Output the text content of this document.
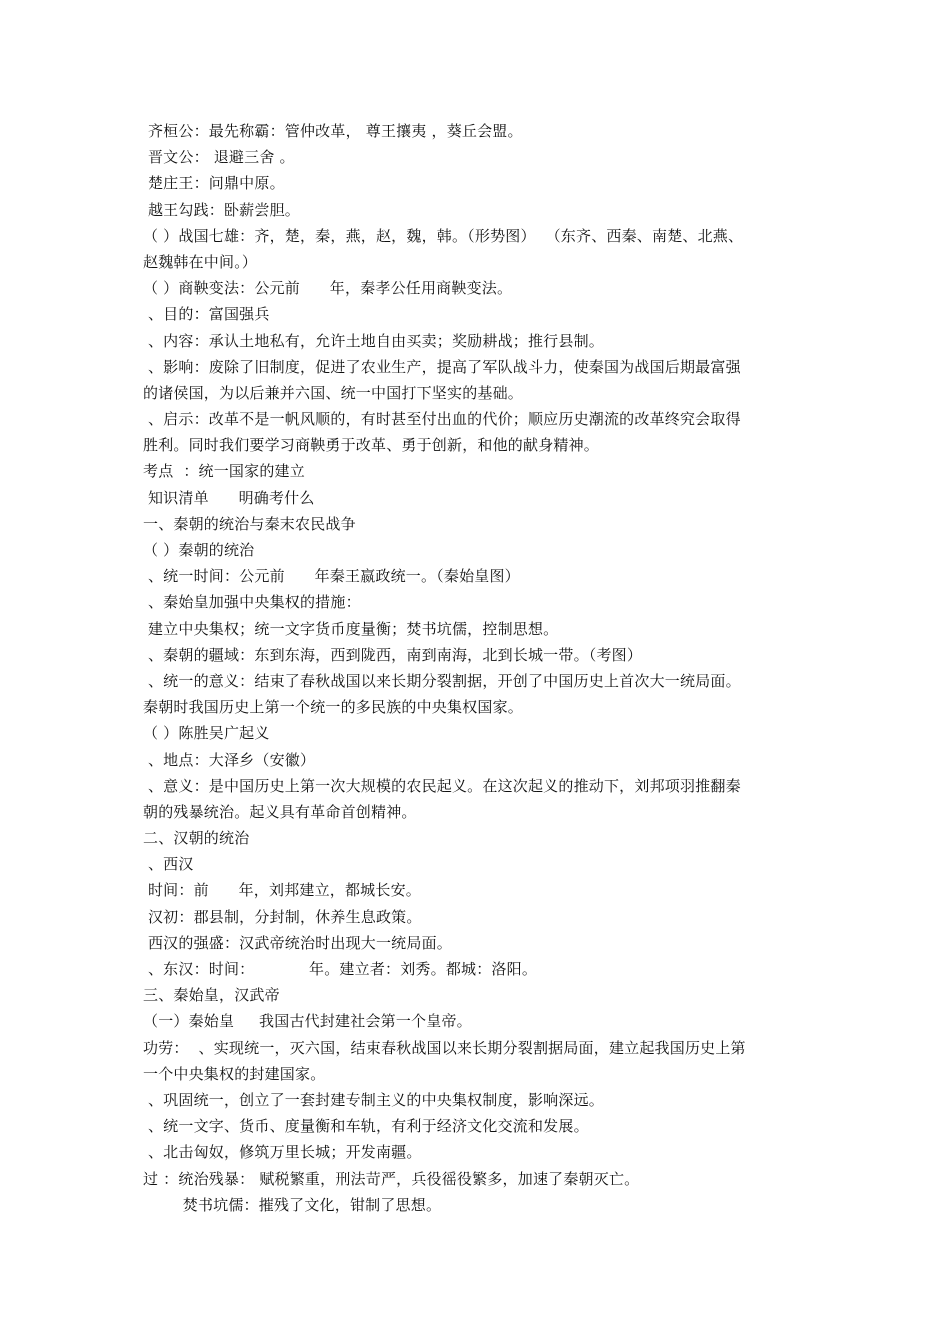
齐桓公：最先称霸：管仲改革， 尊王攘夷 ，葵丘会盟。
晋文公： 退避三舍 。
楚庄王：问鼎中原。
越王勾践：卧薪尝胆。
（ ）战国七雄：齐，楚，秦，燕，赵，魏，韩。（形势图）  （东齐、西秦、南楚、北燕、
赵魏韩在中间。）
（ ）商鞅变法：公元前      年，秦孝公任用商鞅变法。
、目的：富国强兵
、内容：承认土地私有，允许土地自由买卖；奖励耕战；推行县制。
、影响：废除了旧制度，促进了农业生产，提高了军队战斗力，使秦国为战国后期最富强
的诸侯国，为以后兼并六国、统一中国打下坚实的基础。
、启示：改革不是一帆风顺的，有时甚至付出血的代价；顺应历史潮流的改革终究会取得
胜利。同时我们要学习商鞅勇于改革、勇于创新，和他的献身精神。
考点  ：统一国家的建立
知识清单      明确考什么
一、秦朝的统治与秦末农民战争
（ ）秦朝的统治
、统一时间：公元前      年秦王嬴政统一。（秦始皇图）
、秦始皇加强中央集权的措施：
建立中央集权；统一文字货币度量衡；焚书坑儒，控制思想。
、秦朝的疆域：东到东海，西到陇西，南到南海，北到长城一带。（考图）
、统一的意义：结束了春秋战国以来长期分裂割据，开创了中国历史上首次大一统局面。
秦朝时我国历史上第一个统一的多民族的中央集权国家。
（ ）陈胜吴广起义
、地点：大泽乡（安徽）
、意义：是中国历史上第一次大规模的农民起义。在这次起义的推动下，刘邦项羽推翻秦
朝的残暴统治。起义具有革命首创精神。
二、汉朝的统治
、西汉
时间：前      年，刘邦建立，都城长安。
汉初：郡县制，分封制，休养生息政策。
西汉的强盛：汉武帝统治时出现大一统局面。
、东汉：时间：           年。建立者：刘秀。都城：洛阳。
三、秦始皇，汉武帝
（一）秦始皇     我国古代封建社会第一个皇帝。
功劳：  、实现统一，灭六国，结束春秋战国以来长期分裂割据局面，建立起我国历史上第
一个中央集权的封建国家。
、巩固统一，创立了一套封建专制主义的中央集权制度，影响深远。
、统一文字、货币、度量衡和车轨，有利于经济文化交流和发展。
、北击匈奴，修筑万里长城；开发南疆。
过 ：统治残暴： 赋税繁重，刑法苛严，兵役徭役繁多，加速了秦朝灭亡。
焚书坑儒：摧残了文化，钳制了思想。
